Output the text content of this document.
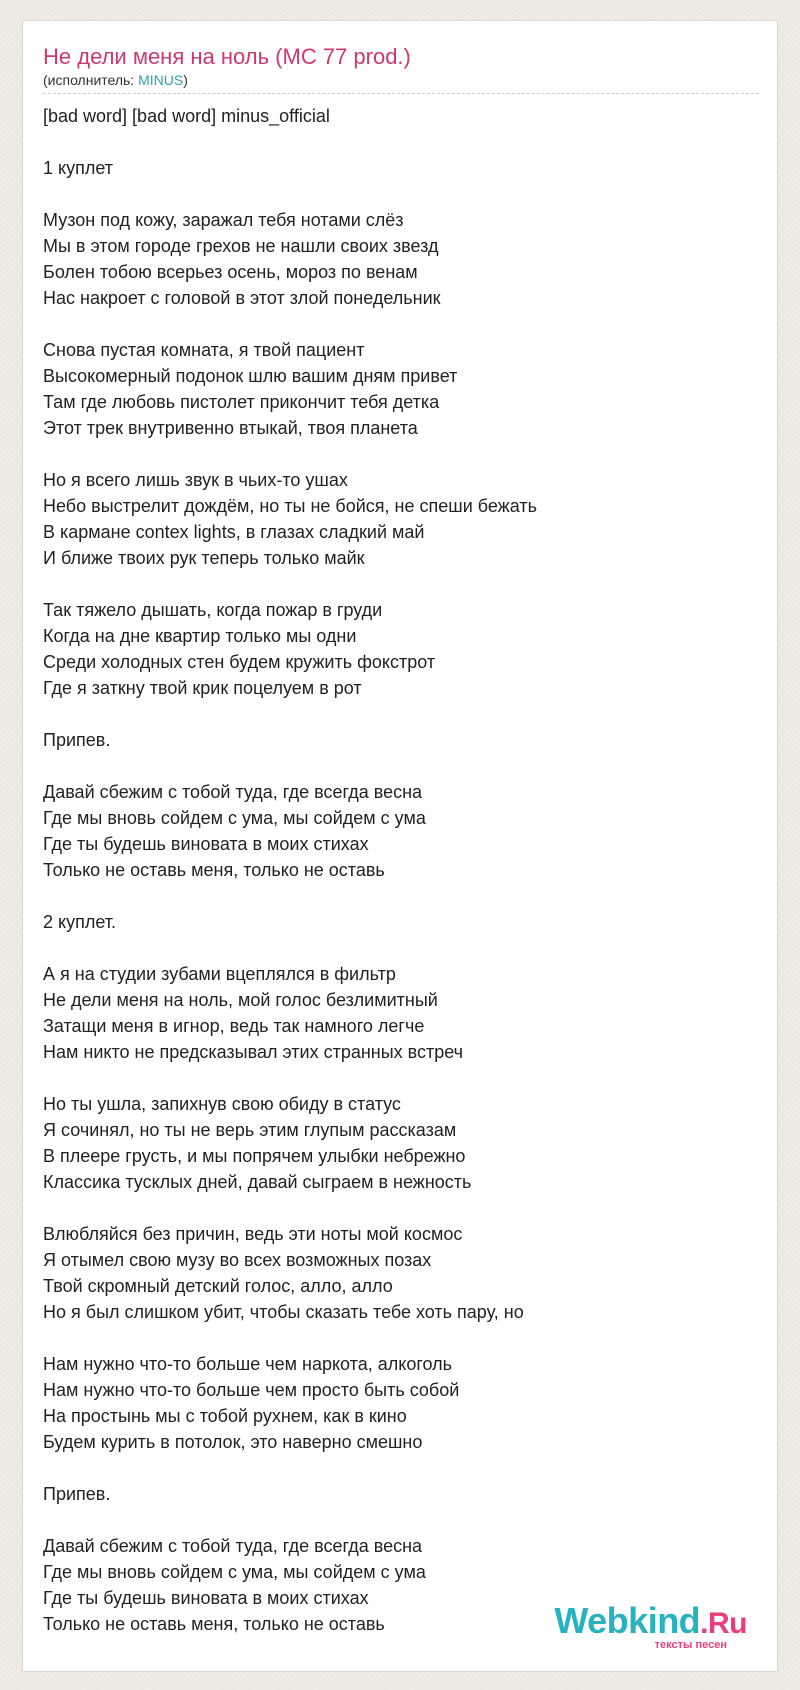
Не дели меня на ноль (MC 77 prod.)
(исполнитель: MINUS)
[bad word] [bad word] minus_official
1 куплет
Музон под кожу, заражал тебя нотами слёз
Мы в этом городе грехов не нашли своих звезд
Болен тобою всерьез осень, мороз по венам
Нас накроет с головой в этот злой понедельник
Снова пустая комната, я твой пациент
Высокомерный подонок шлю вашим дням привет
Там где любовь пистолет прикончит тебя детка
Этот трек внутривенно втыкай, твоя планета
Но я всего лишь звук в чьих-то ушах
Небо выстрелит дождём, но ты не бойся, не спеши бежать
В кармане contex lights, в глазах сладкий май
И ближе твоих рук теперь только майк
Так тяжело дышать, когда пожар в груди
Когда на дне квартир только мы одни
Среди холодных стен будем кружить фокстрот
Где я заткну твой крик поцелуем в рот
Припев.
Давай сбежим с тобой туда, где всегда весна
Где мы вновь сойдем с ума, мы сойдем с ума
Где ты будешь виновата в моих стихах
Только не оставь меня, только не оставь
2 куплет.
А я на студии зубами вцеплялся в фильтр
Не дели меня на ноль, мой голос безлимитный
Затащи меня в игнор, ведь так намного легче
Нам никто не предсказывал этих странных встреч
Но ты ушла, запихнув свою обиду в статус
Я сочинял, но ты не верь этим глупым рассказам
В плеере грусть, и мы попрячем улыбки небрежно
Классика тусклых дней, давай сыграем в нежность
Влюбляйся без причин, ведь эти ноты мой космос
Я отымел свою музу во всех возможных позах
Твой скромный детский голос, алло, алло
Но я был слишком убит, чтобы сказать тебе хоть пару, но
Нам нужно что-то больше чем наркота, алкоголь
Нам нужно что-то больше чем просто быть собой
На простынь мы с тобой рухнем, как в кино
Будем курить в потолок, это наверно смешно
Припев.
Давай сбежим с тобой туда, где всегда весна
Где мы вновь сойдем с ума, мы сойдем с ума
Где ты будешь виновата в моих стихах
Только не оставь меня, только не оставь	Webkind.Ru
тексты песен
